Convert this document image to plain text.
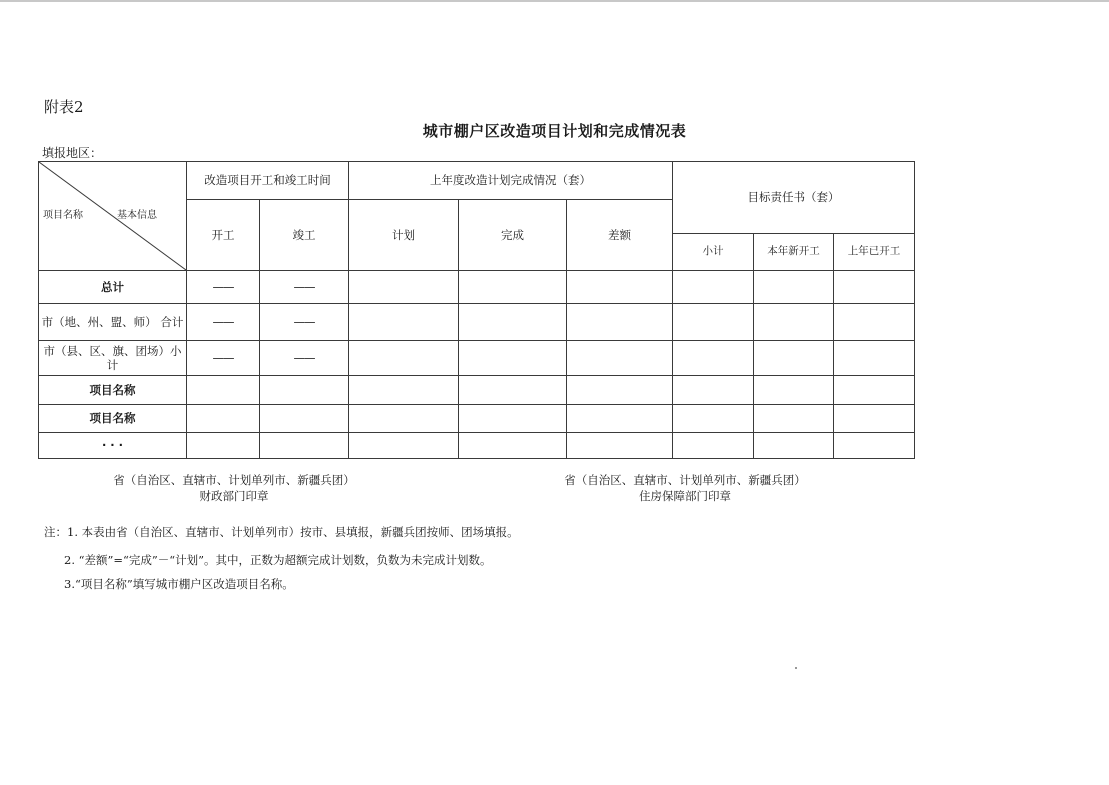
附表2
城市棚户区改造项目计划和完成情况表
填报地区：
项目名称 基本信息	改造项目开工和竣工时间		上年度改造计划完成情况（套）			目标责任书（套）		
	开工	竣工	计划	完成	差额			
						小计	本年新开工	上年已开工
总计	——	——						
市（地、州、盟、师） 合计	——	——						
市（县、区、旗、团场）小计	——	——						
项目名称								
项目名称								
· · ·								
省（自治区、直辖市、计划单列市、新疆兵团）
财政部门印章
省（自治区、直辖市、计划单列市、新疆兵团）
住房保障部门印章
注：1. 本表由省（自治区、直辖市、计划单列市）按市、县填报，新疆兵团按师、团场填报。
2. “差额”=“完成”－“计划”。其中，正数为超额完成计划数，负数为未完成计划数。
3.“项目名称”填写城市棚户区改造项目名称。
